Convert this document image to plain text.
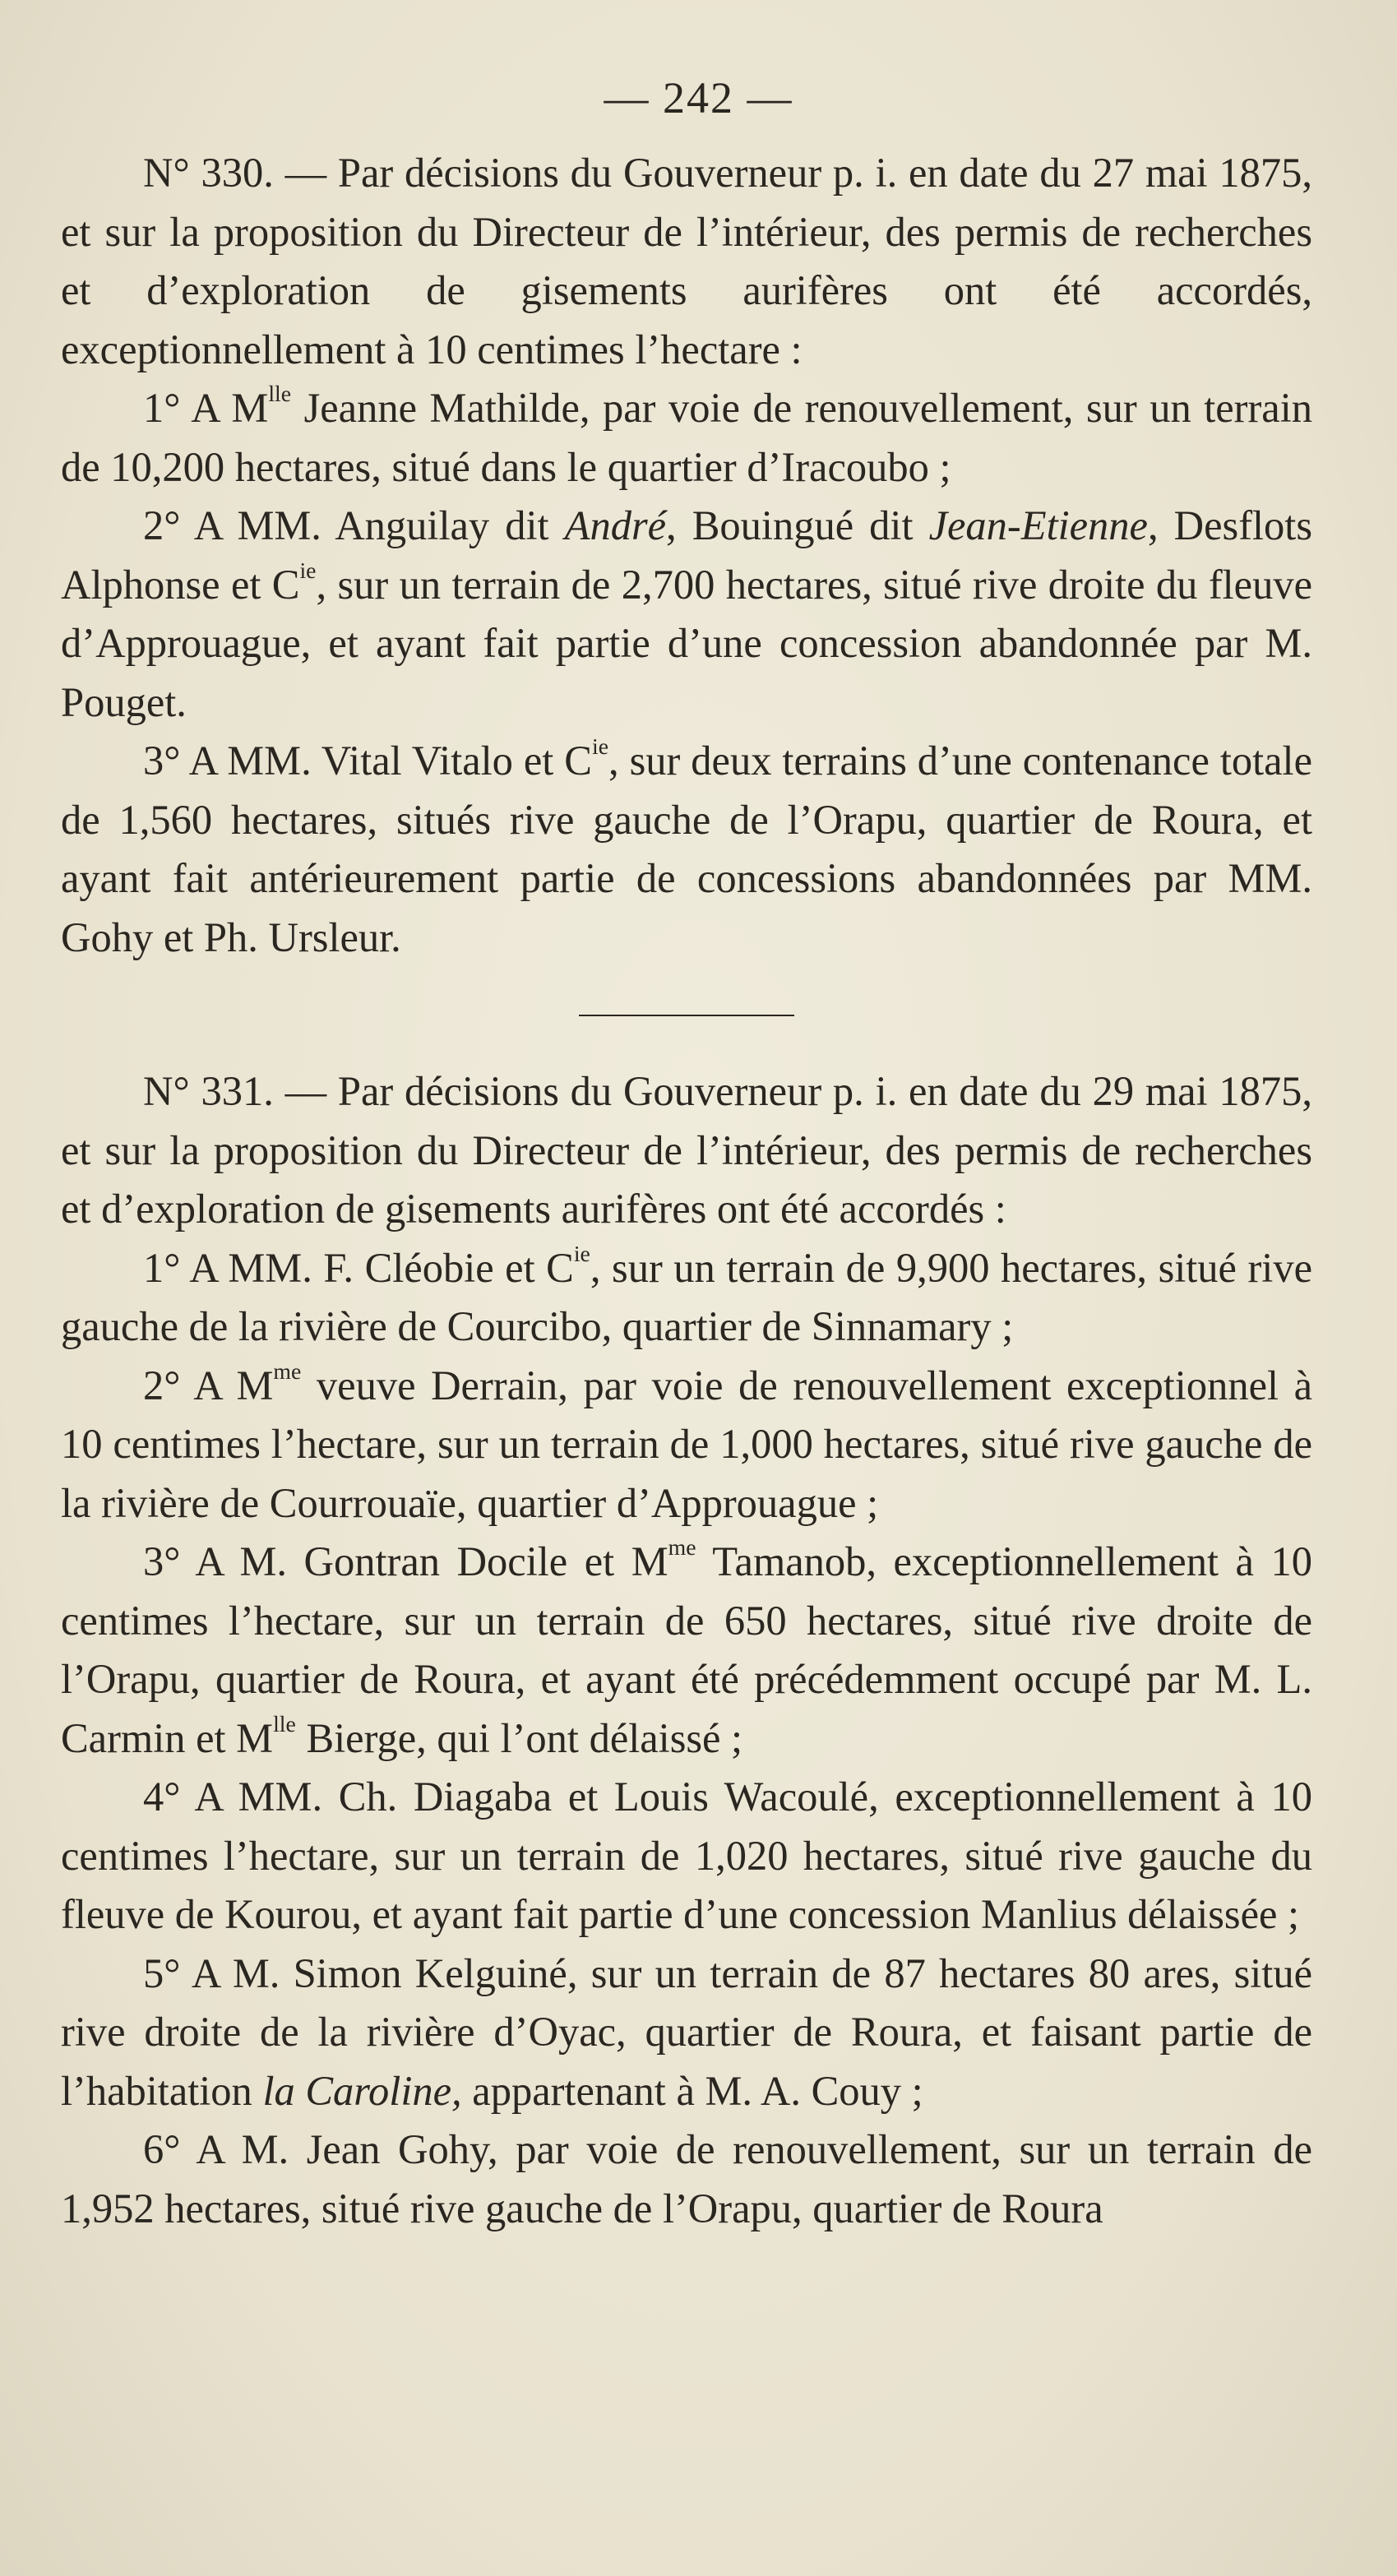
— 242 —

N° 330. — Par décisions du Gouverneur p. i. en date du 27 mai 1875, et sur la proposition du Directeur de l’intérieur, des permis de recherches et d’exploration de gisements aurifères ont été accordés, exceptionnellement à 10 centimes l’hectare :

1° A $M^{lle}$ Jeanne Mathilde, par voie de renouvellement, sur un terrain de 10,200 hectares, situé dans le quartier d’Iracoubo ;

2° A MM. Anguilay dit André, Bouingué dit Jean-Etienne, Desflots Alphonse et $C^{ie}$, sur un terrain de 2,700 hectares, situé rive droite du fleuve d’Approuague, et ayant fait partie d’une concession abandonnée par M. Pouget.

3° A MM. Vital Vitalo et $C^{ie}$, sur deux terrains d’une contenance totale de 1,560 hectares, situés rive gauche de l’Orapu, quartier de Roura, et ayant fait antérieurement partie de concessions abandonnées par MM. Gohy et Ph. Ursleur.

N° 331. — Par décisions du Gouverneur p. i. en date du 29 mai 1875, et sur la proposition du Directeur de l’intérieur, des permis de recherches et d’exploration de gisements aurifères ont été accordés :

1° A MM. F. Cléobie et $C^{ie}$, sur un terrain de 9,900 hectares, situé rive gauche de la rivière de Courcibo, quartier de Sinnamary ;

2° A $M^{me}$ veuve Derrain, par voie de renouvellement exceptionnel à 10 centimes l’hectare, sur un terrain de 1,000 hectares, situé rive gauche de la rivière de Courrouaïe, quartier d’Approuague ;

3° A M. Gontran Docile et $M^{me}$ Tamanob, exceptionnellement à 10 centimes l’hectare, sur un terrain de 650 hectares, situé rive droite de l’Orapu, quartier de Roura, et ayant été précédemment occupé par M. L. Carmin et $M^{lle}$ Bierge, qui l’ont délaissé ;

4° A MM. Ch. Diagaba et Louis Wacoulé, exceptionnellement à 10 centimes l’hectare, sur un terrain de 1,020 hectares, situé rive gauche du fleuve de Kourou, et ayant fait partie d’une concession Manlius délaissée ;

5° A M. Simon Kelguiné, sur un terrain de 87 hectares 80 ares, situé rive droite de la rivière d’Oyac, quartier de Roura, et faisant partie de l’habitation la Caroline, appartenant à M. A. Couy ;

6° A M. Jean Gohy, par voie de renouvellement, sur un terrain de 1,952 hectares, situé rive gauche de l’Orapu, quartier de Roura
